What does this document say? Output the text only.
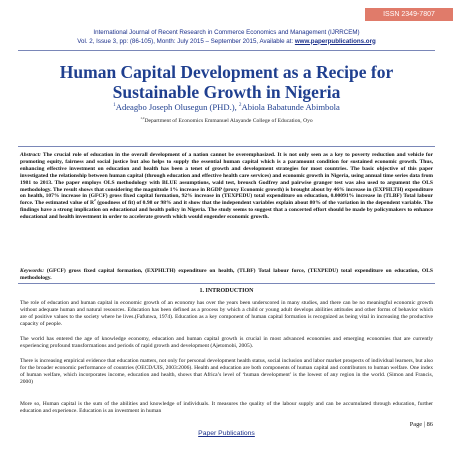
ISSN 2349-7807
International Journal of Recent Research in Commerce Economics and Management (IJRRCEM)
Vol. 2, Issue 3, pp: (86-105), Month: July 2015 – September 2015, Available at: www.paperpublications.org
Human Capital Development as a Recipe for
Sustainable Growth in Nigeria
$^1$Adeagbo Joseph Olusegun (PHD.), $^2$Abiola Babatunde Abimbola
$^{1,2}$Department of Economics Emmanuel Alayande College of Education, Oyo
Abstract: The crucial role of education in the overall development of a nation cannot be overemphasized. It is not only seen as a key to poverty reduction and vehicle for promoting equity, fairness and social justice but also helps to supply the essential human capital which is a paramount condition for sustained economic growth. Thus, enhancing effective investment on education and health has been a tenet of growth and development strategies for most countries. The basic objective of this paper investigated the relationship between human capital (through education and effective health care services) and economic growth in Nigeria, using annual time series data from 1981 to 2013. The paper employs OLS methodology with BLUE assumptions, wald test, breusch Godfrey and pairwise granger test was also used to argument the OLS methodology. The result shows that considering the magnitude 1% increase in RGDP (proxy Economic growth) is brought about by 46% increase in (EXPHLTH) expenditure on health, 107% increase in (GFCF) gross fixed capital formation, 92% increase in (TEXPEDU) total expenditure on education, 0.00091% increase in (TLBF) Total labour force. The estimated value of $R^2$ (goodness of fit) of 0.98 or 98% and it show that the independent variables explain about 80% of the variation in the dependent variable. The findings have a strong implication on educational and health policy in Nigeria. The study seems to suggest that a concerted effort should be made by policymakers to enhance educational and health investment in order to accelerate growth which would engender economic growth.
Keywords: (GFCF) gross fixed capital formation, (EXPHLTH) expenditure on health, (TLBF) Total labour force, (TEXPEDU) total expenditure on education, OLS methodology.
1. INTRODUCTION
The role of education and human capital in economic growth of an economy has over the years been underscored in many studies, and there can be no meaningful economic growth without adequate human and natural resources. Education has been defined as a process by which a child or young adult develops abilities attitudes and other forms of behavior which are of positive values to the society where he lives.(Fafunwa, 1974). Education as a key component of human capital formation is recognized as being vital in increasing the productive capacity of people.
The world has entered the age of knowledge economy, education and human capital growth is crucial in most advanced economies and emerging economies that are currently experiencing profound transformations and periods of rapid growth and development (Ajetomobi, 2005).
There is increasing empirical evidence that education matters, not only for personal development health status, social inclusion and labor market prospects of individual learners, but also for the broader economic performance of countries (OECD/UIS, 2003:2006). Health and education are both components of human capital and contributors to human welfare. One index of human welfare, which incorporates income, education and health, shows that Africa’s level of ‘human development’ is the lowest of any region in the world. (Simon and Francis, 2000)
More so, Human capital is the sum of the abilities and knowledge of individuals. It measures the quality of the labour supply and can be accumulated through education, further education and experience. Education is an investment in human
Page | 86
Paper Publications
